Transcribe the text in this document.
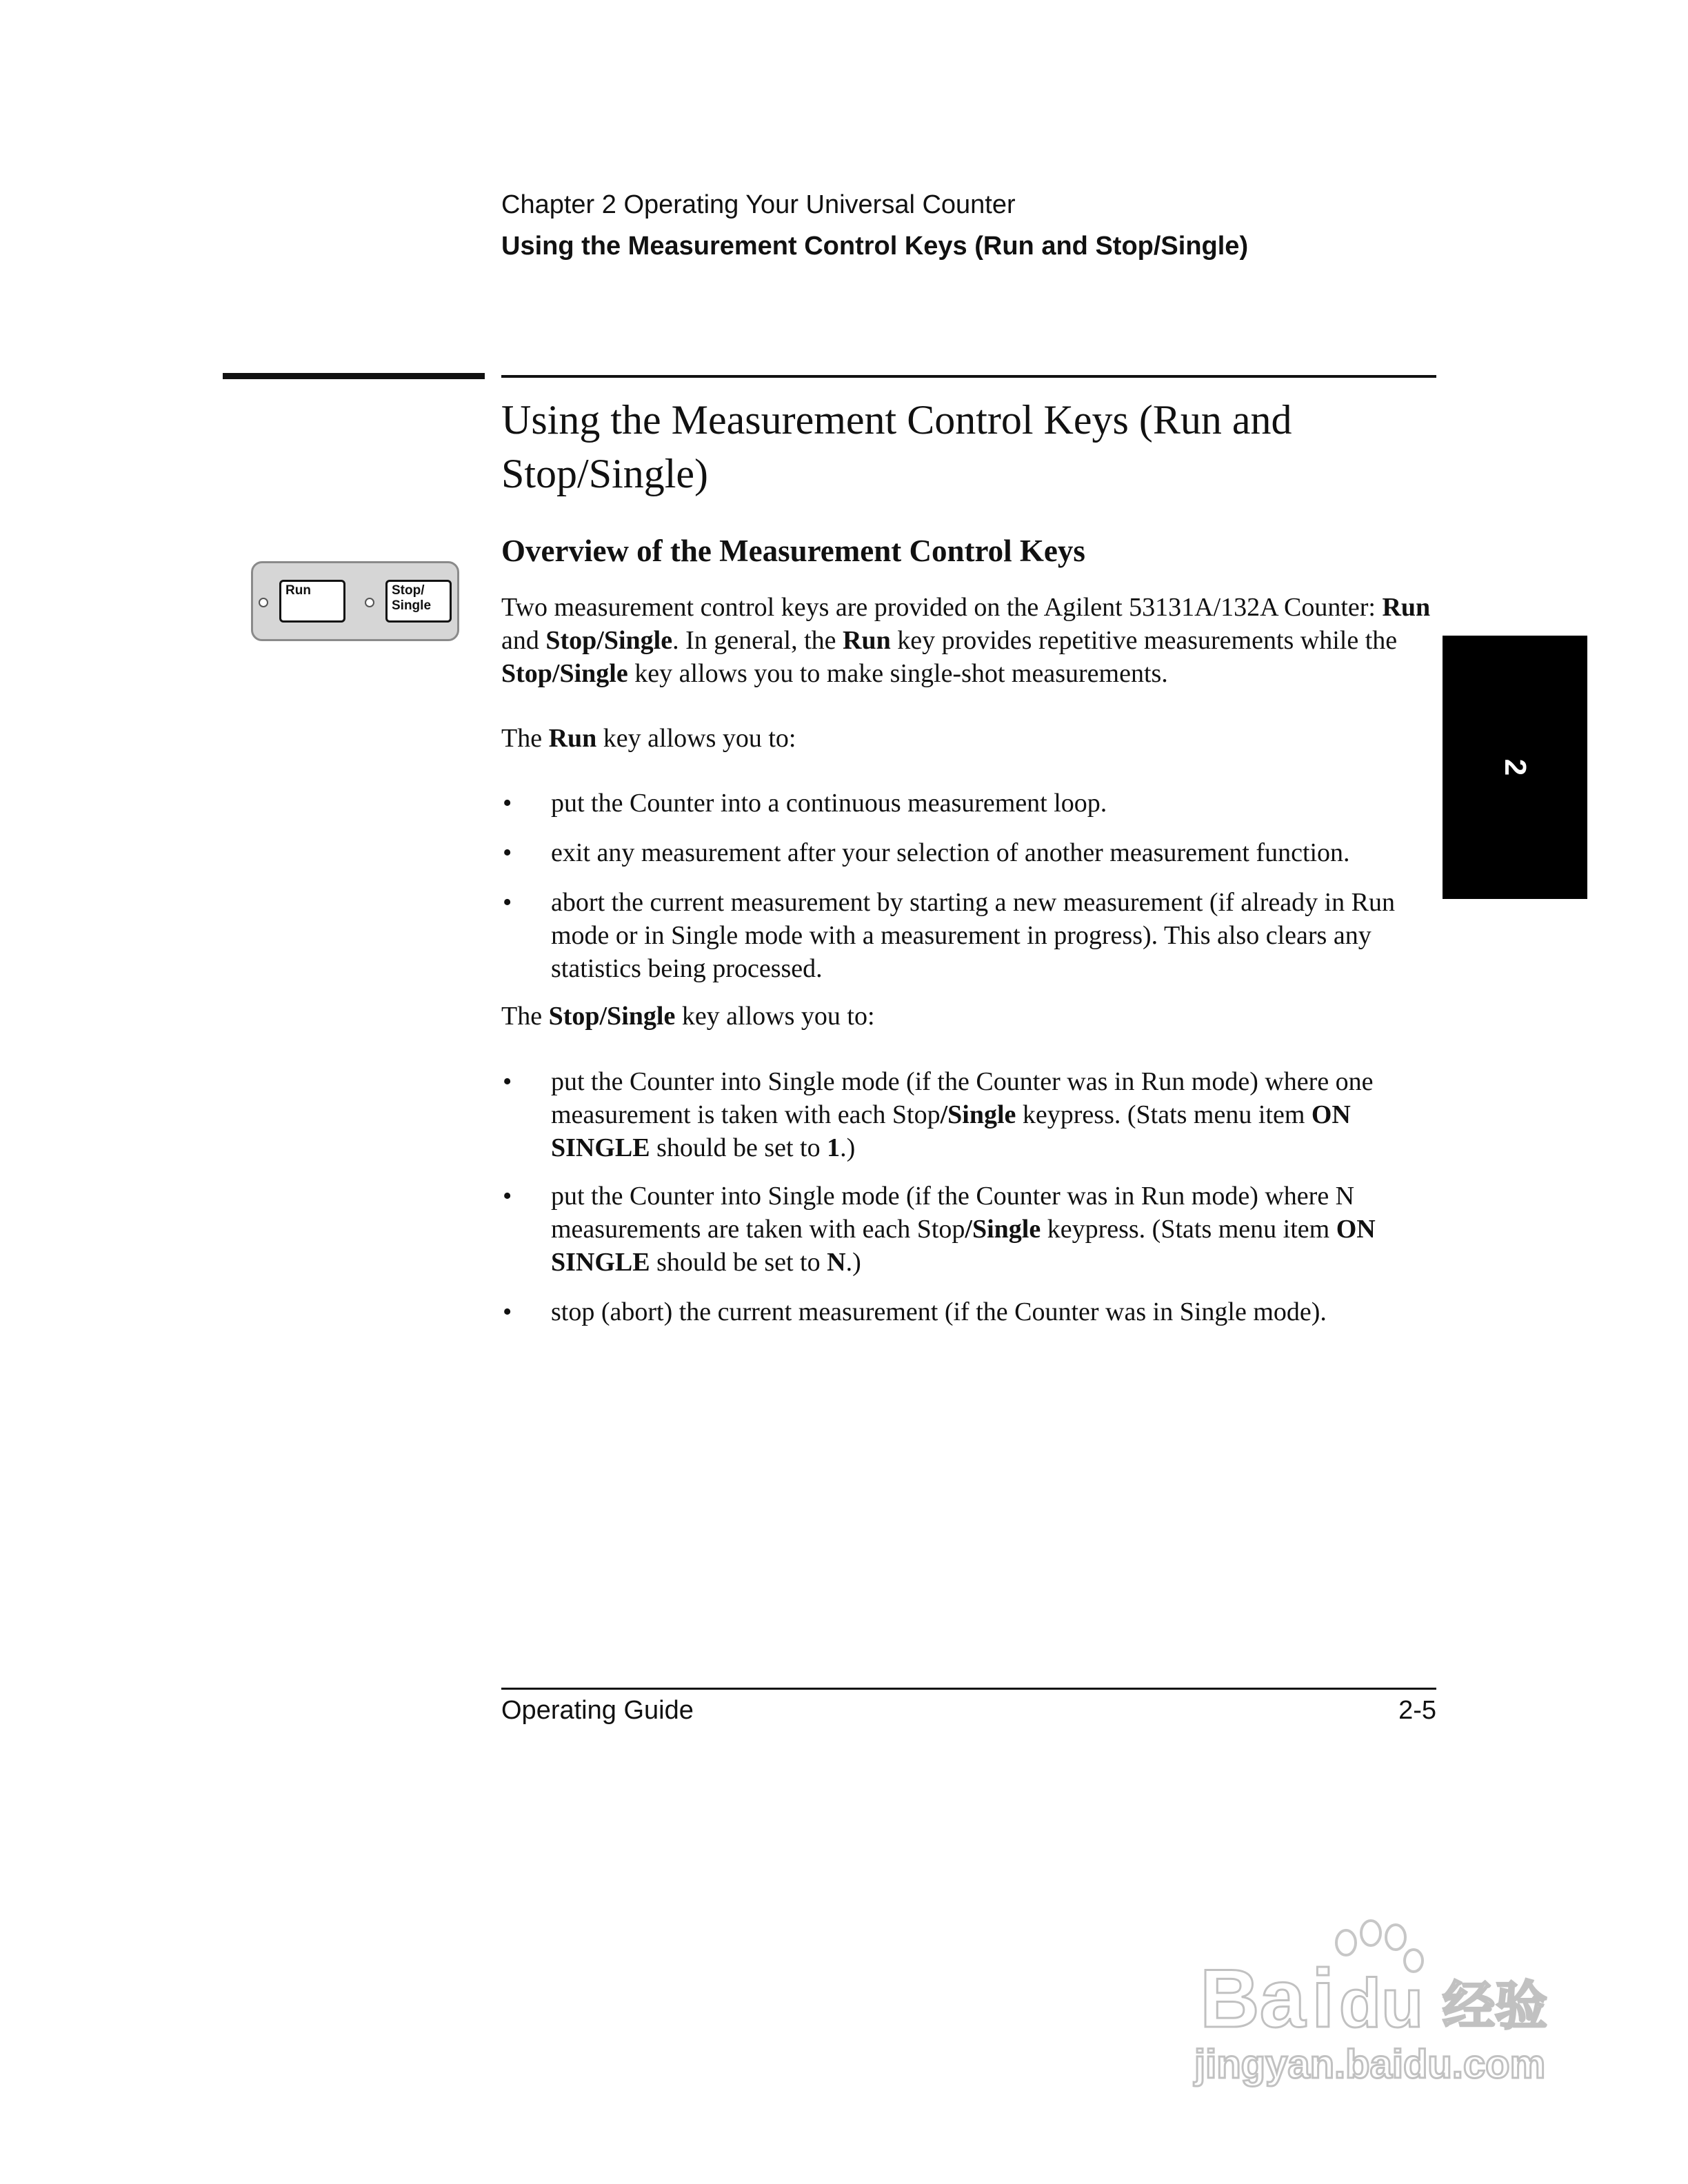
Chapter 2 Operating Your Universal Counter
Using the Measurement Control Keys (Run and Stop/Single)
Using the Measurement Control Keys (Run and Stop/Single)
Overview of the Measurement Control Keys
Run	Stop/
Single	Two measurement control keys are provided on the Agilent 53131A/132A Counter: Run and Stop/Single. In general, the Run key provides repetitive measurements while the Stop/Single key allows you to make single-shot measurements.

The Run key allows you to:

• put the Counter into a continuous measurement loop.
• exit any measurement after your selection of another measurement function.
• abort the current measurement by starting a new measurement (if already in Run mode or in Single mode with a measurement in progress). This also clears any statistics being processed.

The Stop/Single key allows you to:

• put the Counter into Single mode (if the Counter was in Run mode) where one measurement is taken with each Stop/Single keypress. (Stats menu item ON SINGLE should be set to 1.)
• put the Counter into Single mode (if the Counter was in Run mode) where N measurements are taken with each Stop/Single keypress. (Stats menu item ON SINGLE should be set to N.)
• stop (abort) the current measurement (if the Counter was in Single mode).
2
Operating Guide	2-5
Ba i du 经验
jingyan.baidu.com
